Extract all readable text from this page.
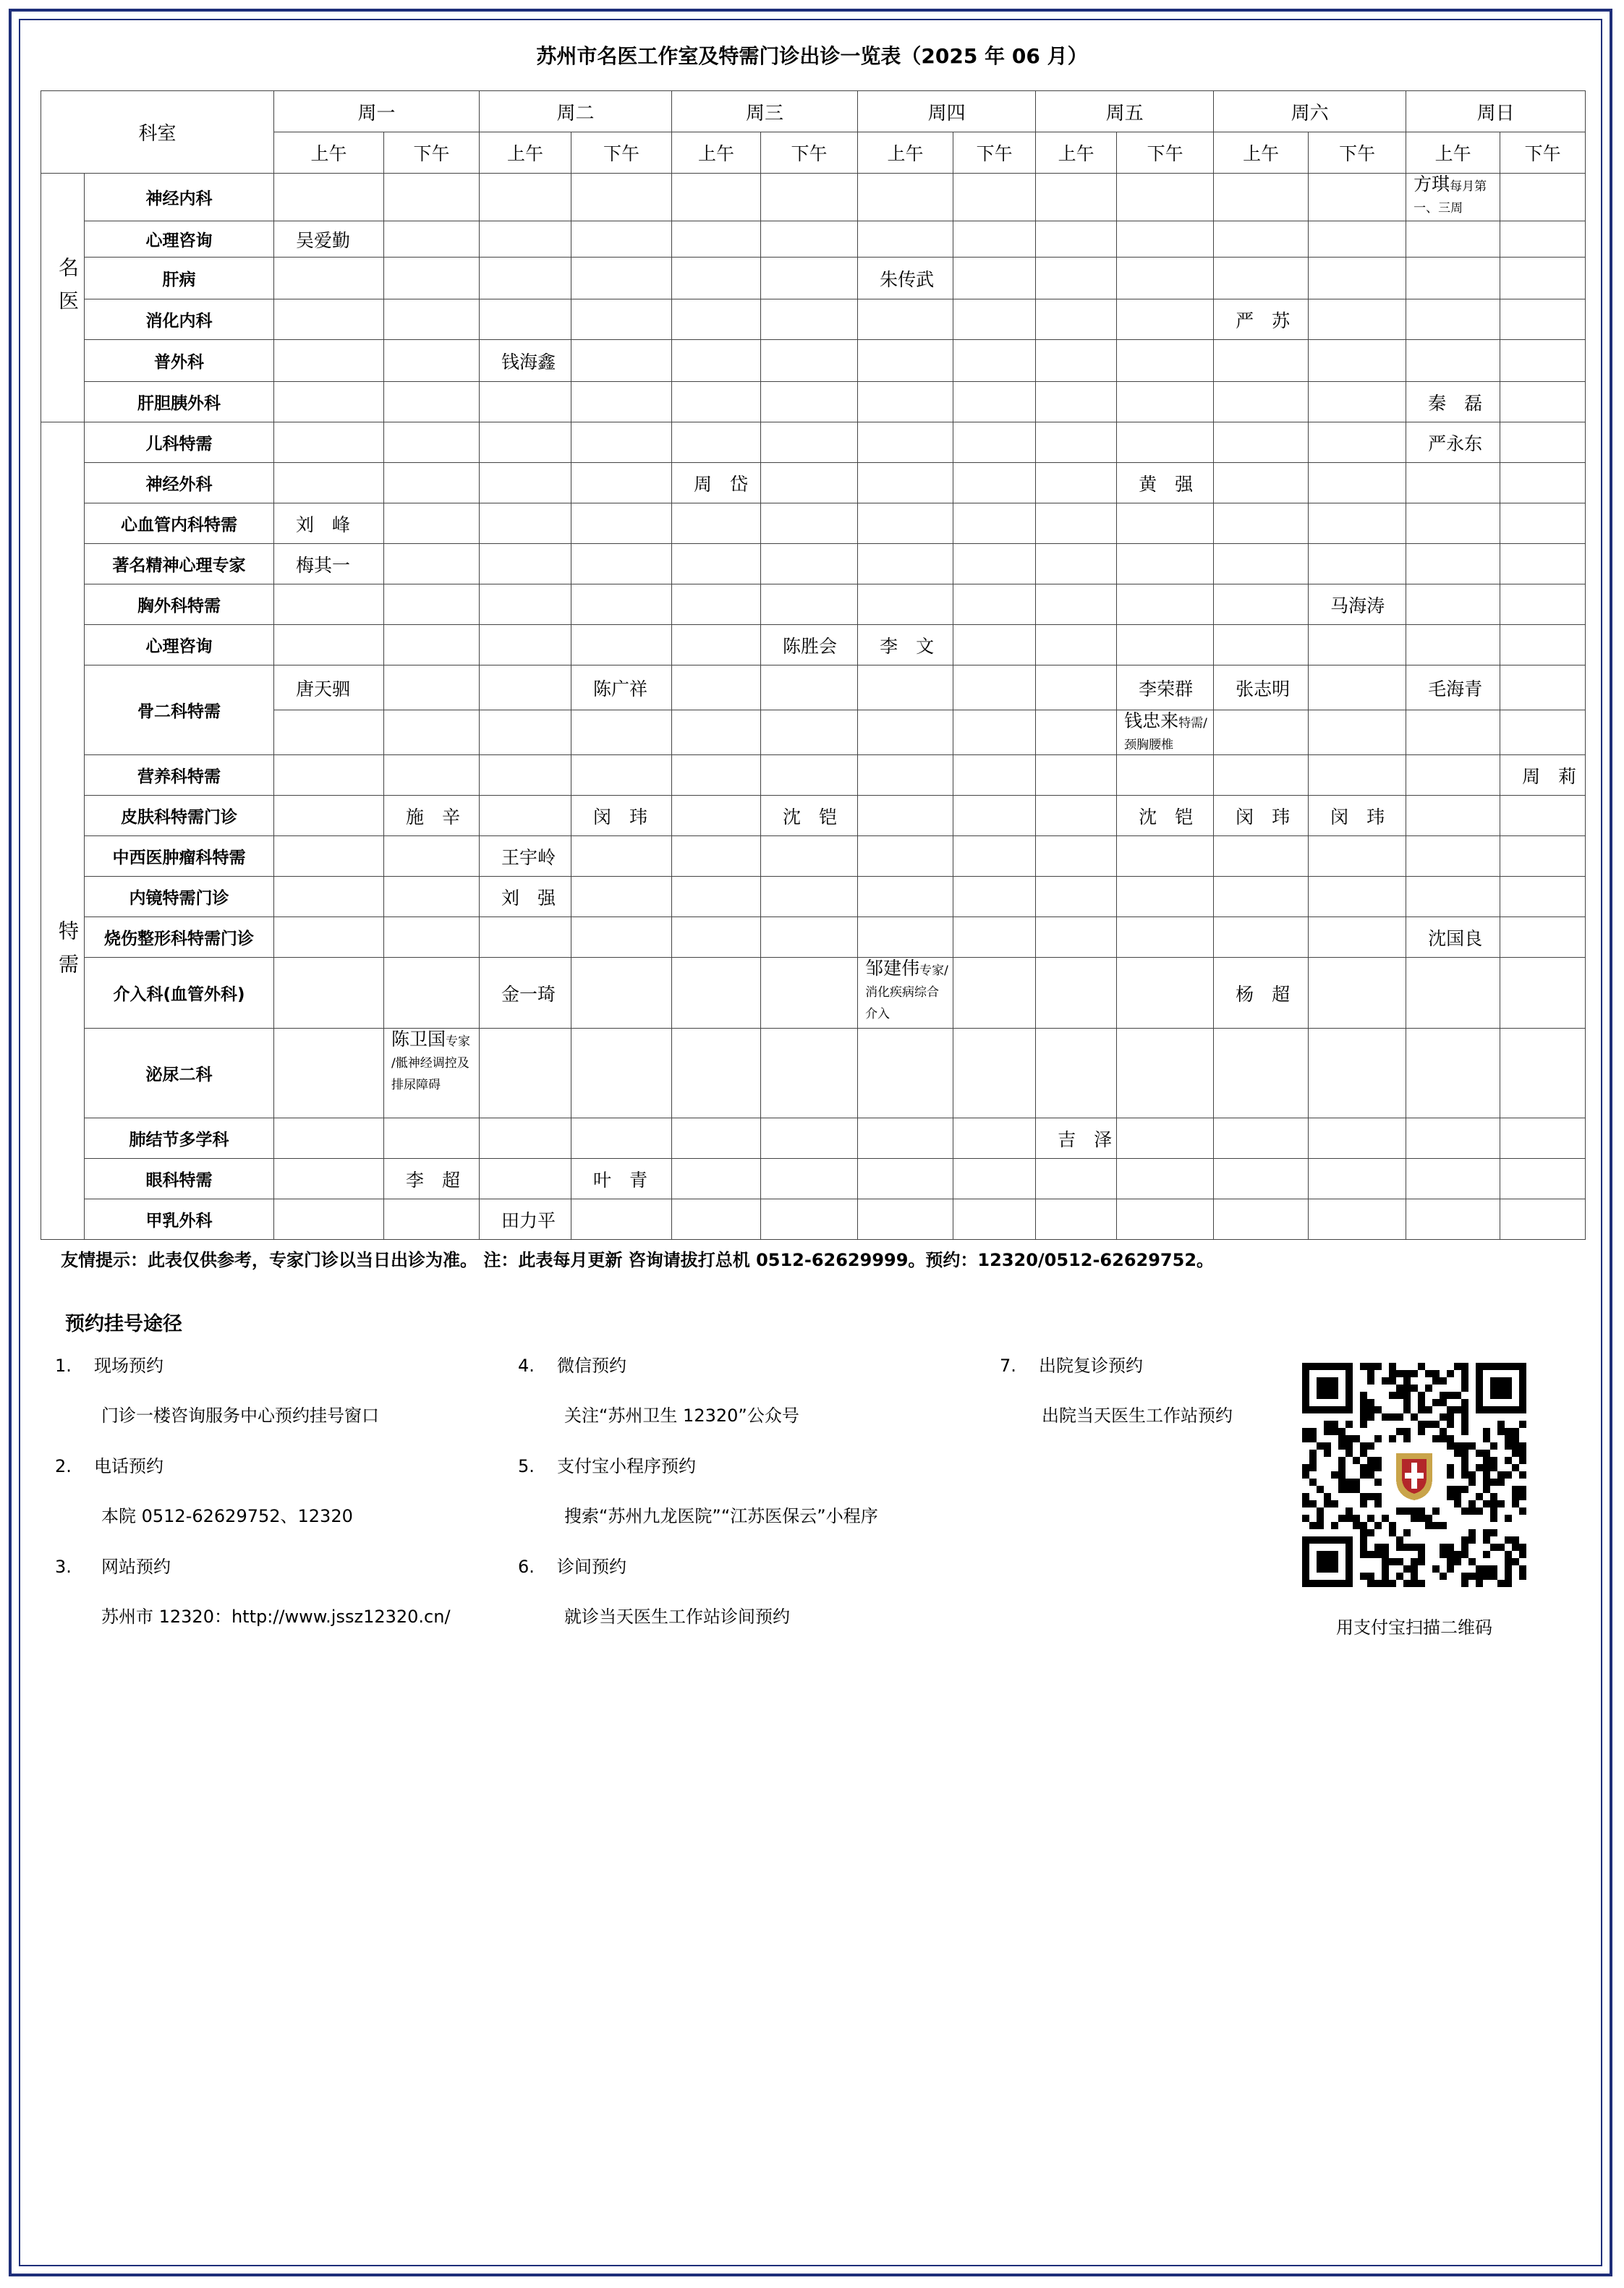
苏州市名医工作室及特需门诊出诊一览表（2025 年 06 月）
科室		周一		周二		周三		周四		周五		周六		周日	
		上午	下午	上午	下午	上午	下午	上午	下午	上午	下午	上午	下午	上午	下午
名医	神经内科													方琪每月第一、三周	
	心理咨询	吴爱勤													
	肝病							朱传武							
	消化内科											严　苏			
	普外科			钱海鑫											
	肝胆胰外科													秦　磊	
特需	儿科特需													严永东	
	神经外科					周　岱					黄　强				
	心血管内科特需	刘　峰													
	著名精神心理专家	梅其一													
	胸外科特需												马海涛		
	心理咨询						陈胜会	李　文							
	骨二科特需	唐天驷			陈广祥						李荣群	张志明		毛海青	
											钱忠来特需/颈胸腰椎				
	营养科特需														周　莉
	皮肤科特需门诊		施　辛		闵　玮		沈　铠				沈　铠	闵　玮	闵　玮		
	中西医肿瘤科特需			王宇岭											
	内镜特需门诊			刘　强											
	烧伤整形科特需门诊													沈国良	
	介入科(血管外科)			金一琦				邹建伟专家/消化疾病综合介入				杨　超			
	泌尿二科		陈卫国专家 /骶神经调控及排尿障碍												
	肺结节多学科									吉　泽					
	眼科特需		李　超		叶　青										
	甲乳外科			田力平											
友情提示：此表仅供参考，专家门诊以当日出诊为准。 注：此表每月更新 咨询请拔打总机 0512-62629999。预约：12320/0512-62629752。
预约挂号途径
1. 现场预约
门诊一楼咨询服务中心预约挂号窗口
2. 电话预约
本院 0512-62629752、12320
3. 网站预约
苏州市 12320：http://www.jssz12320.cn/
4. 微信预约
关注“苏州卫生 12320”公众号
5. 支付宝小程序预约
搜索“苏州九龙医院”“江苏医保云”小程序
6. 诊间预约
就诊当天医生工作站诊间预约
7. 出院复诊预约
出院当天医生工作站预约
用支付宝扫描二维码
